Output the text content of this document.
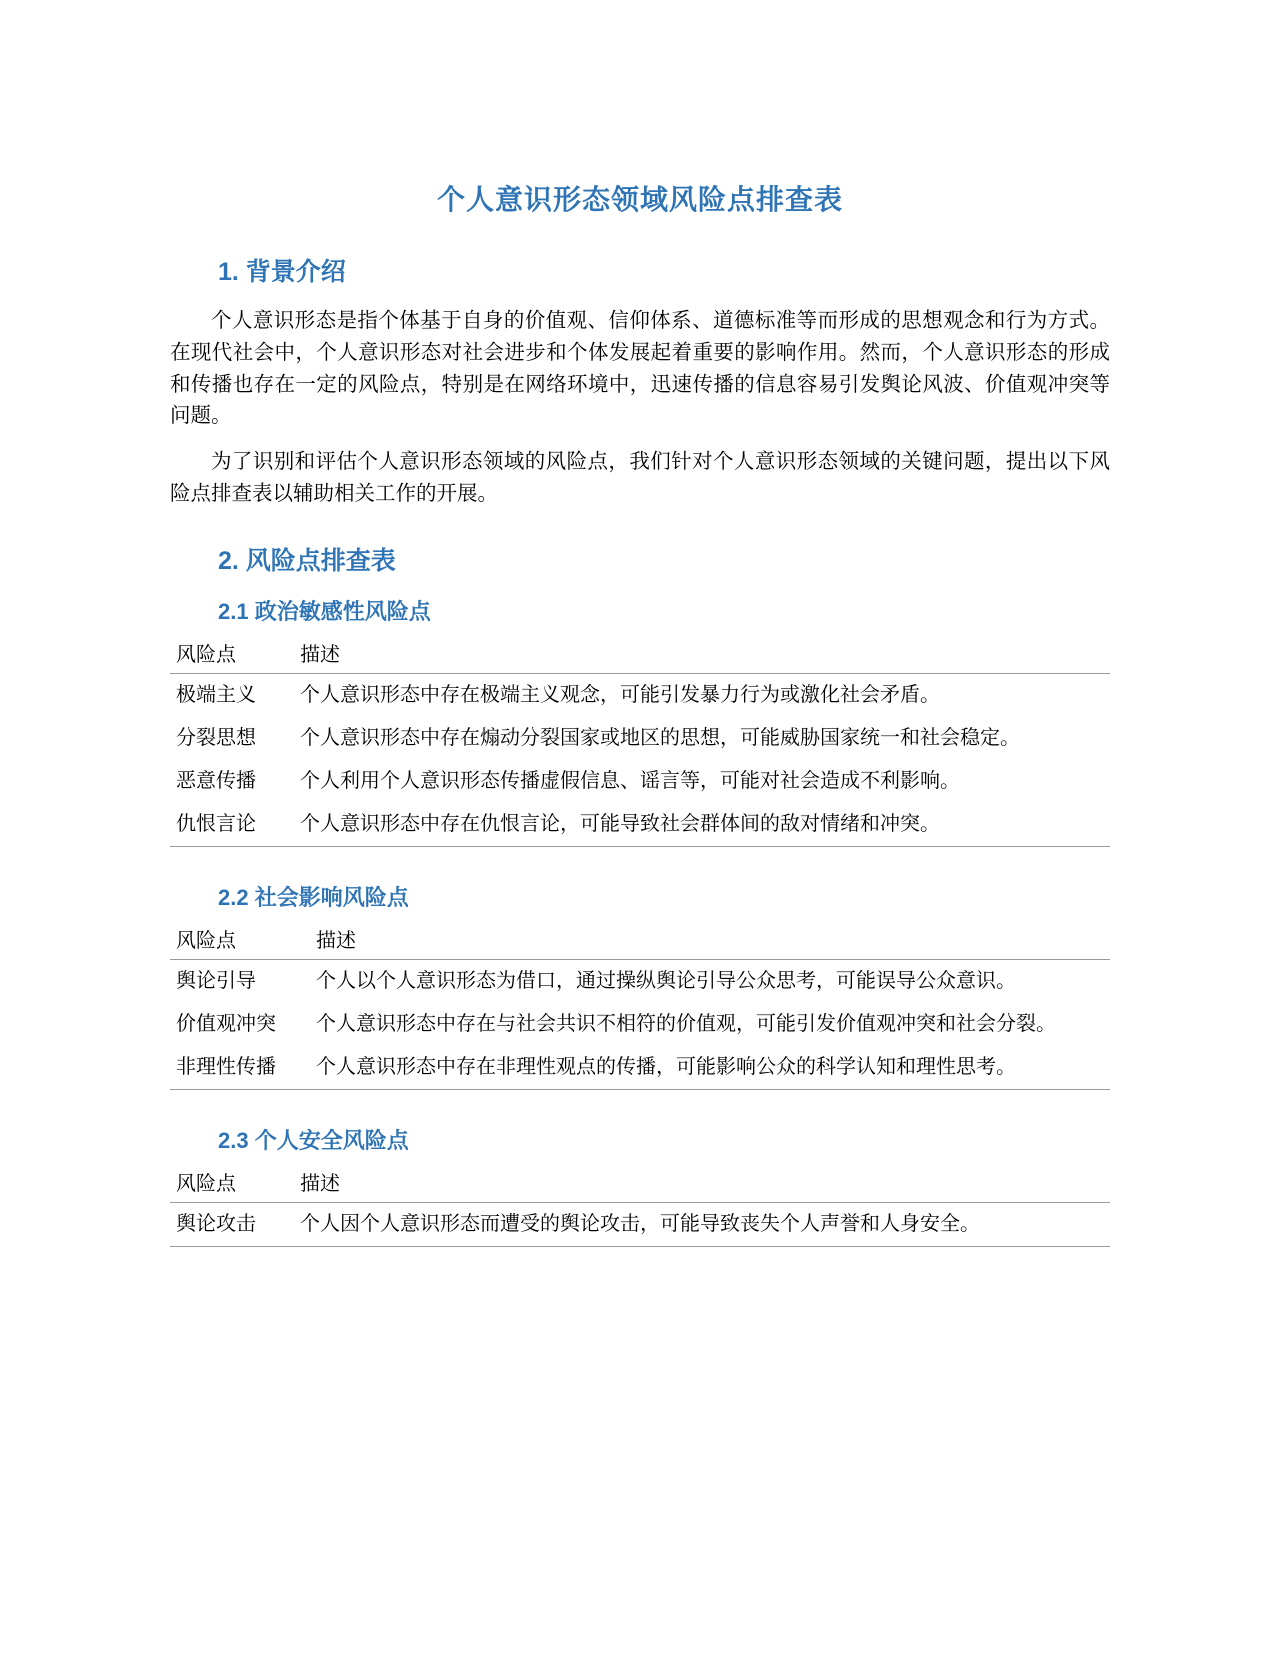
个人意识形态领域风险点排查表
1. 背景介绍

个人意识形态是指个体基于自身的价值观、信仰体系、道德标准等而形成的思想观念和行为方式。在现代社会中，个人意识形态对社会进步和个体发展起着重要的影响作用。然而，个人意识形态的形成和传播也存在一定的风险点，特别是在网络环境中，迅速传播的信息容易引发舆论风波、价值观冲突等问题。

为了识别和评估个人意识形态领域的风险点，我们针对个人意识形态领域的关键问题，提出以下风险点排查表以辅助相关工作的开展。

2. 风险点排查表
2.1 政治敏感性风险点
风险点	描述
极端主义	个人意识形态中存在极端主义观念，可能引发暴力行为或激化社会矛盾。
分裂思想	个人意识形态中存在煽动分裂国家或地区的思想，可能威胁国家统一和社会稳定。
恶意传播	个人利用个人意识形态传播虚假信息、谣言等，可能对社会造成不利影响。
仇恨言论	个人意识形态中存在仇恨言论，可能导致社会群体间的敌对情绪和冲突。
2.2 社会影响风险点
风险点	描述
舆论引导	个人以个人意识形态为借口，通过操纵舆论引导公众思考，可能误导公众意识。
价值观冲突	个人意识形态中存在与社会共识不相符的价值观，可能引发价值观冲突和社会分裂。
非理性传播	个人意识形态中存在非理性观点的传播，可能影响公众的科学认知和理性思考。
2.3 个人安全风险点
风险点	描述
舆论攻击	个人因个人意识形态而遭受的舆论攻击，可能导致丧失个人声誉和人身安全。
